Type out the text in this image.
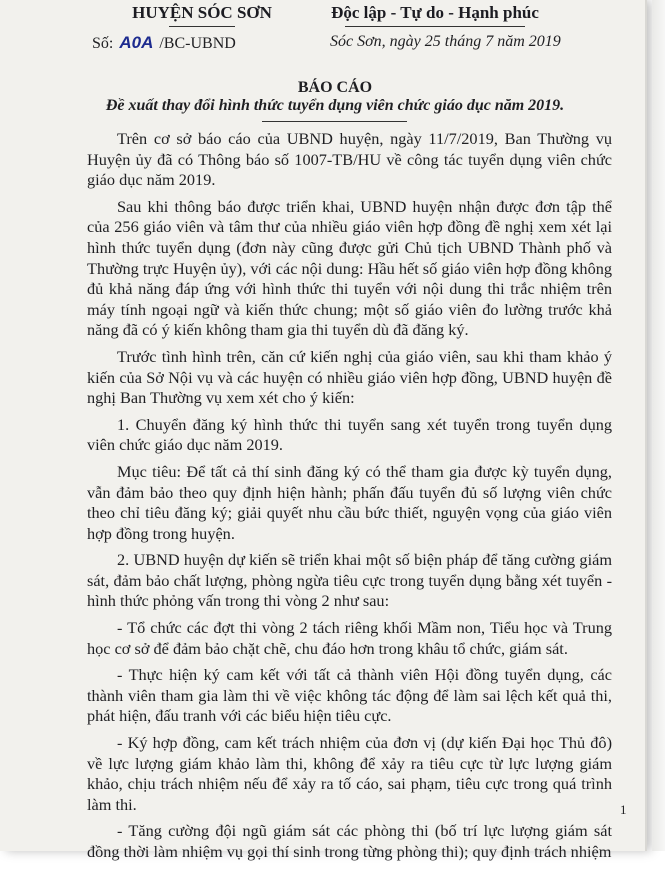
HUYỆN SÓC SƠN	Độc lập - Tự do - Hạnh phúc
Số: A0A /BC-UBND	Sóc Sơn, ngày 25 tháng 7 năm 2019
BÁO CÁO
Đề xuất thay đổi hình thức tuyển dụng viên chức giáo dục năm 2019.

Trên cơ sở báo cáo của UBND huyện, ngày 11/7/2019, Ban Thường vụ Huyện ủy đã có Thông báo số 1007-TB/HU về công tác tuyển dụng viên chức giáo dục năm 2019.

Sau khi thông báo được triển khai, UBND huyện nhận được đơn tập thể của 256 giáo viên và tâm thư của nhiều giáo viên hợp đồng đề nghị xem xét lại hình thức tuyển dụng (đơn này cũng được gửi Chủ tịch UBND Thành phố và Thường trực Huyện ủy), với các nội dung: Hầu hết số giáo viên hợp đồng không đủ khả năng đáp ứng với hình thức thi tuyển với nội dung thi trắc nhiệm trên máy tính ngoại ngữ và kiến thức chung; một số giáo viên đo lường trước khả năng đã có ý kiến không tham gia thi tuyển dù đã đăng ký.

Trước tình hình trên, căn cứ kiến nghị của giáo viên, sau khi tham khảo ý kiến của Sở Nội vụ và các huyện có nhiều giáo viên hợp đồng, UBND huyện đề nghị Ban Thường vụ xem xét cho ý kiến:

1. Chuyển đăng ký hình thức thi tuyển sang xét tuyển trong tuyển dụng viên chức giáo dục năm 2019.

Mục tiêu: Để tất cả thí sinh đăng ký có thể tham gia được kỳ tuyển dụng, vẫn đảm bảo theo quy định hiện hành; phấn đấu tuyển đủ số lượng viên chức theo chỉ tiêu đăng ký; giải quyết nhu cầu bức thiết, nguyện vọng của giáo viên hợp đồng trong huyện.

2. UBND huyện dự kiến sẽ triển khai một số biện pháp để tăng cường giám sát, đảm bảo chất lượng, phòng ngừa tiêu cực trong tuyển dụng bằng xét tuyển - hình thức phỏng vấn trong thi vòng 2 như sau:

- Tổ chức các đợt thi vòng 2 tách riêng khối Mầm non, Tiểu học và Trung học cơ sở để đảm bảo chặt chẽ, chu đáo hơn trong khâu tổ chức, giám sát.

- Thực hiện ký cam kết với tất cả thành viên Hội đồng tuyển dụng, các thành viên tham gia làm thi về việc không tác động để làm sai lệch kết quả thi, phát hiện, đấu tranh với các biểu hiện tiêu cực.

- Ký hợp đồng, cam kết trách nhiệm của đơn vị (dự kiến Đại học Thủ đô) về lực lượng giám khảo làm thi, không để xảy ra tiêu cực từ lực lượng giám khảo, chịu trách nhiệm nếu để xảy ra tố cáo, sai phạm, tiêu cực trong quá trình làm thi.

- Tăng cường đội ngũ giám sát các phòng thi (bố trí lực lượng giám sát đồng thời làm nhiệm vụ gọi thí sinh trong từng phòng thi); quy định trách nhiệm

1
